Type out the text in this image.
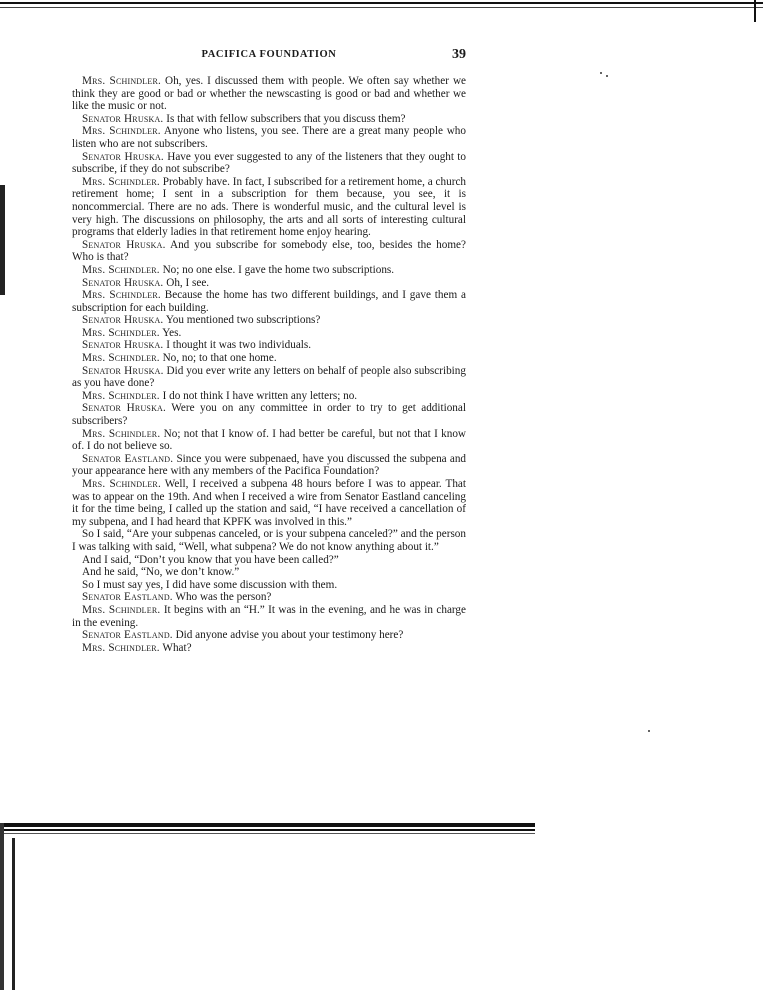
PACIFICA FOUNDATION	39

Mrs. Schindler. Oh, yes. I discussed them with people. We often say whether we think they are good or bad or whether the newscasting is good or bad and whether we like the music or not.

Senator Hruska. Is that with fellow subscribers that you discuss them?

Mrs. Schindler. Anyone who listens, you see. There are a great many people who listen who are not subscribers.

Senator Hruska. Have you ever suggested to any of the listeners that they ought to subscribe, if they do not subscribe?

Mrs. Schindler. Probably have. In fact, I subscribed for a retirement home, a church retirement home; I sent in a subscription for them because, you see, it is noncommercial. There are no ads. There is wonderful music, and the cultural level is very high. The discussions on philosophy, the arts and all sorts of interesting cultural programs that elderly ladies in that retirement home enjoy hearing.

Senator Hruska. And you subscribe for somebody else, too, besides the home? Who is that?

Mrs. Schindler. No; no one else. I gave the home two subscriptions.

Senator Hruska. Oh, I see.

Mrs. Schindler. Because the home has two different buildings, and I gave them a subscription for each building.

Senator Hruska. You mentioned two subscriptions?

Mrs. Schindler. Yes.

Senator Hruska. I thought it was two individuals.

Mrs. Schindler. No, no; to that one home.

Senator Hruska. Did you ever write any letters on behalf of people also subscribing as you have done?

Mrs. Schindler. I do not think I have written any letters; no.

Senator Hruska. Were you on any committee in order to try to get additional subscribers?

Mrs. Schindler. No; not that I know of. I had better be careful, but not that I know of. I do not believe so.

Senator Eastland. Since you were subpenaed, have you discussed the subpena and your appearance here with any members of the Pacifica Foundation?

Mrs. Schindler. Well, I received a subpena 48 hours before I was to appear. That was to appear on the 19th. And when I received a wire from Senator Eastland canceling it for the time being, I called up the station and said, “I have received a cancellation of my subpena, and I had heard that KPFK was involved in this.”

So I said, “Are your subpenas canceled, or is your subpena canceled?” and the person I was talking with said, “Well, what subpena? We do not know anything about it.”

And I said, “Don’t you know that you have been called?”

And he said, “No, we don’t know.”

So I must say yes, I did have some discussion with them.

Senator Eastland. Who was the person?

Mrs. Schindler. It begins with an “H.” It was in the evening, and he was in charge in the evening.

Senator Eastland. Did anyone advise you about your testimony here?

Mrs. Schindler. What?
